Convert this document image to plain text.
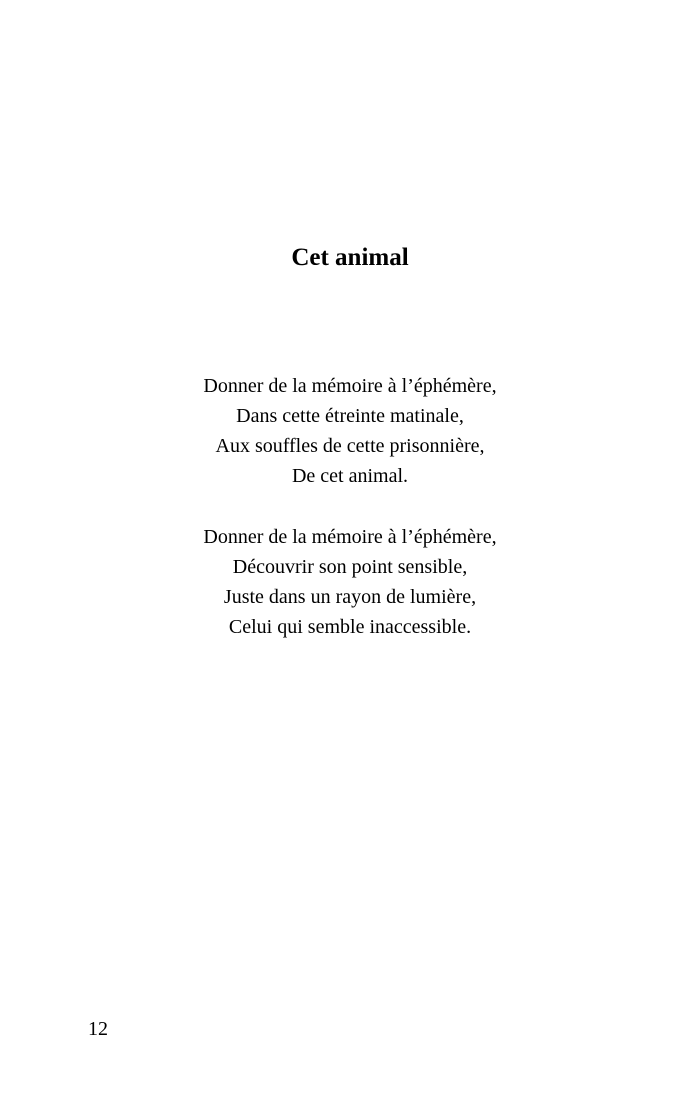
Cet animal
Donner de la mémoire à l’éphémère,
Dans cette étreinte matinale,
Aux souffles de cette prisonnière,
De cet animal.
Donner de la mémoire à l’éphémère,
Découvrir son point sensible,
Juste dans un rayon de lumière,
Celui qui semble inaccessible.
12
